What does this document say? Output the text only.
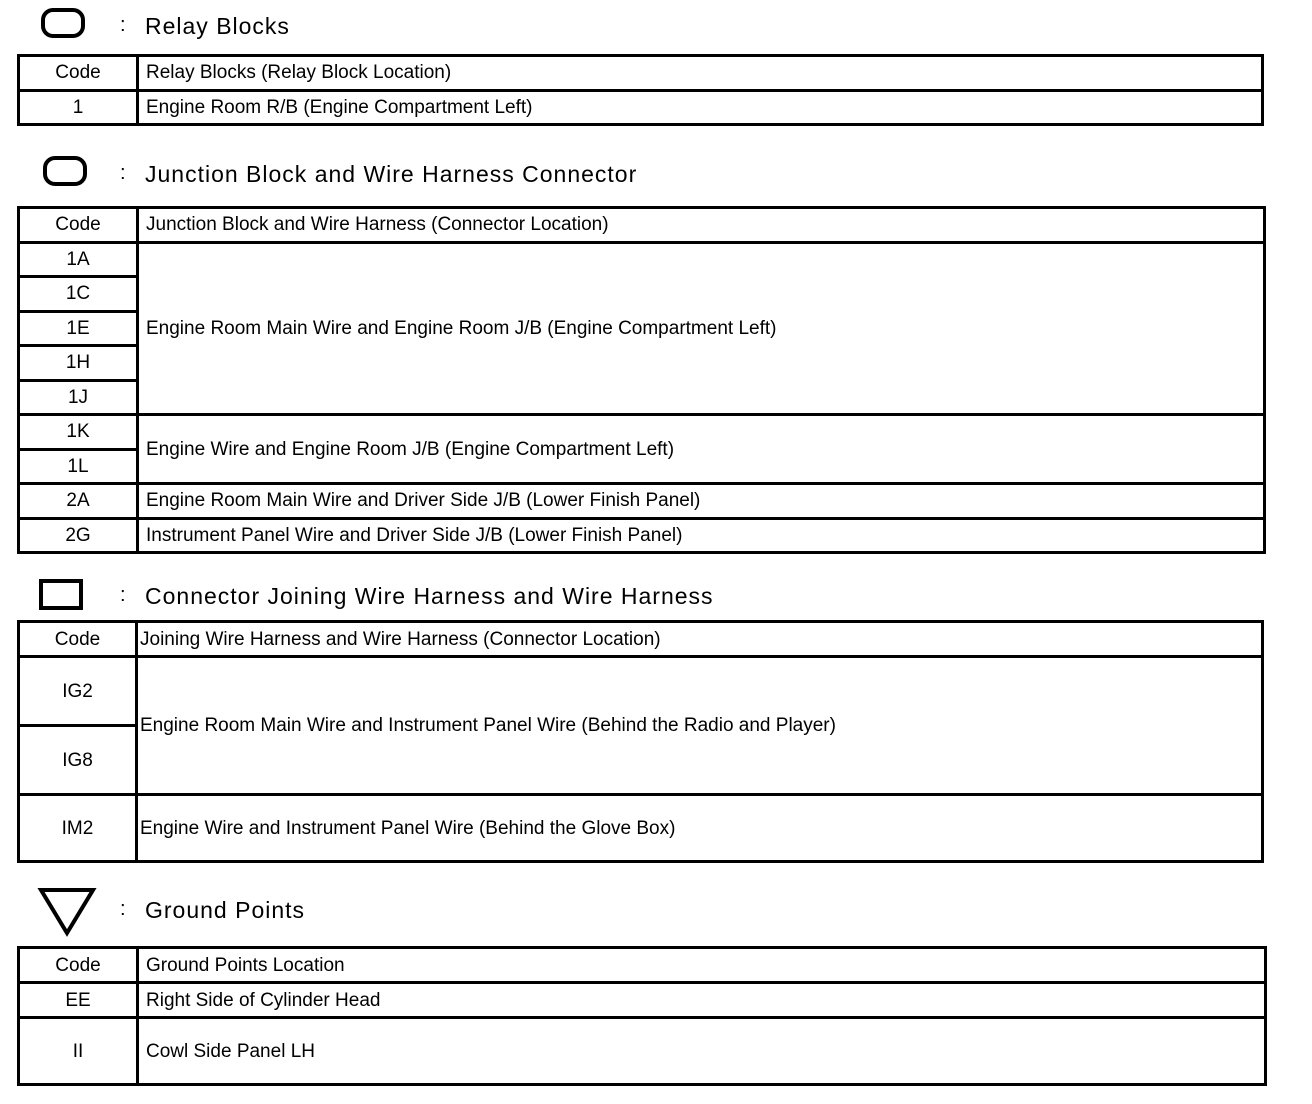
: Relay Blocks
Code	Relay Blocks (Relay Block Location)
1	Engine Room R/B (Engine Compartment Left)
: Junction Block and Wire Harness Connector
Code	Junction Block and Wire Harness (Connector Location)
1A	Engine Room Main Wire and Engine Room J/B (Engine Compartment Left)
1C	
1E	
1H	
1J	
1K	Engine Wire and Engine Room J/B (Engine Compartment Left)
1L	
2A	Engine Room Main Wire and Driver Side J/B (Lower Finish Panel)
2G	Instrument Panel Wire and Driver Side J/B (Lower Finish Panel)
: Connector Joining Wire Harness and Wire Harness
Code	Joining Wire Harness and Wire Harness (Connector Location)
IG2	Engine Room Main Wire and Instrument Panel Wire (Behind the Radio and Player)
IG8	
IM2	Engine Wire and Instrument Panel Wire (Behind the Glove Box)
: Ground Points
Code	Ground Points Location
EE	Right Side of Cylinder Head
II	Cowl Side Panel LH
